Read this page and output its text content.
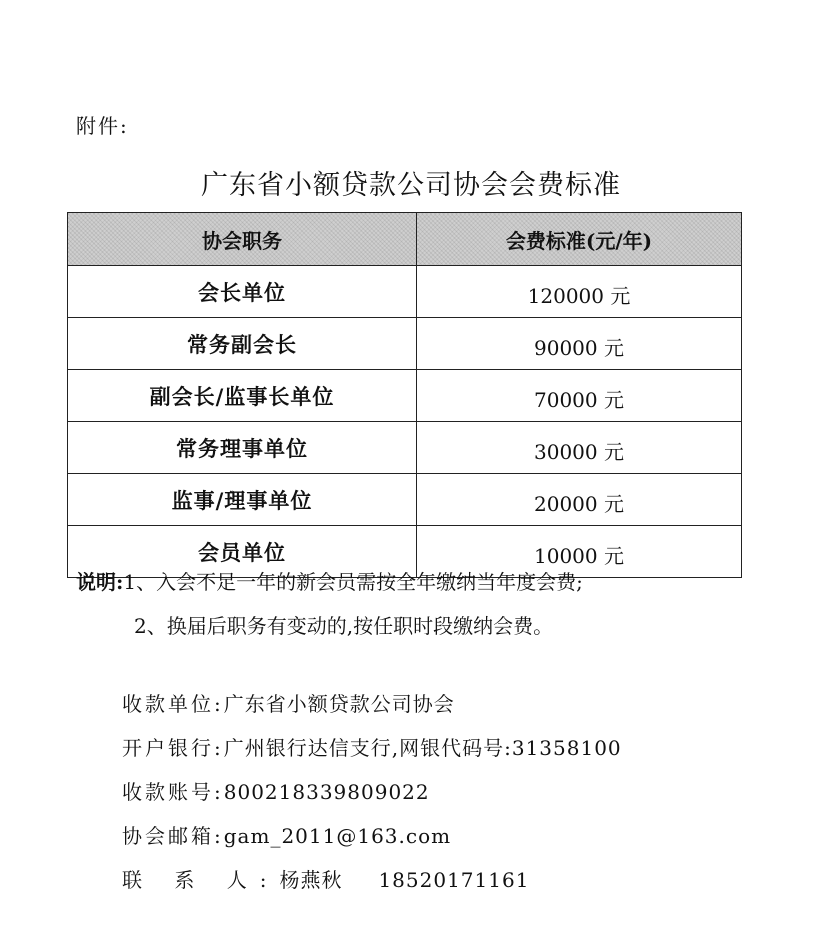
附件:
广东省小额贷款公司协会会费标准
协会职务	会费标准(元/年)
会长单位	120000 元
常务副会长	90000 元
副会长/监事长单位	70000 元
常务理事单位	30000 元
监事/理事单位	20000 元
会员单位	10000 元
说明:1、入会不足一年的新会员需按全年缴纳当年度会费;
2、换届后职务有变动的,按任职时段缴纳会费。
收款单位:广东省小额贷款公司协会
开户银行:广州银行达信支行,网银代码号:31358100
收款账号:800218339809022
协会邮箱:gam_2011@163.com
联 系 人:杨燕秋 18520171161
